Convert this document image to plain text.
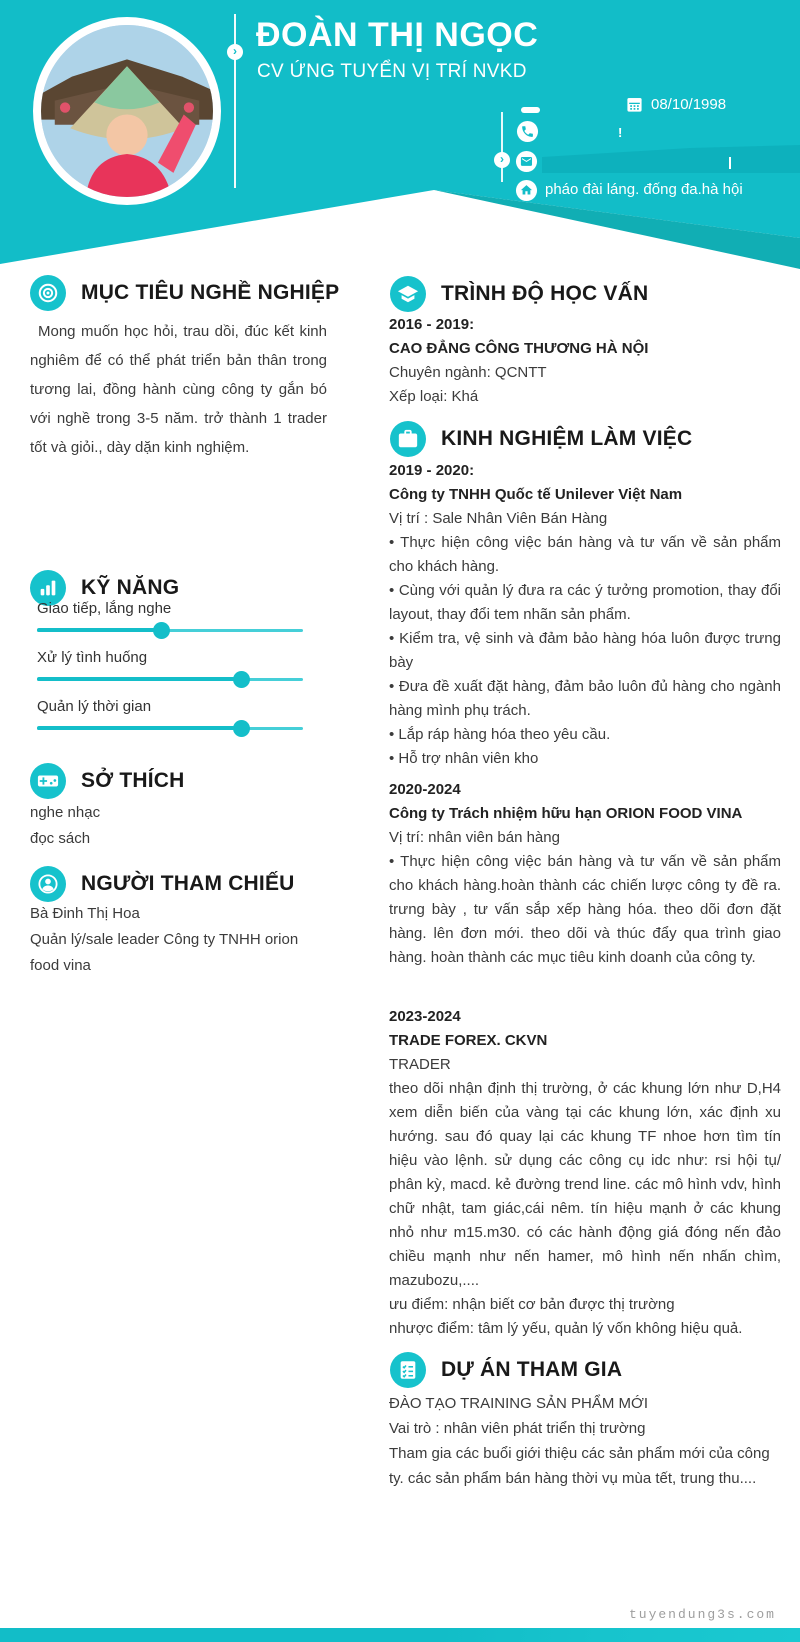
› ĐOÀN THỊ NGỌC
CV ỨNG TUYỂN VỊ TRÍ NVKD
08/10/1998
!
›
pháo đài láng. đống đa.hà hội
MỤC TIÊU NGHỀ NGHIỆP
Mong muốn học hỏi, trau dồi, đúc kết kinh nghiêm để có thể phát triển bản thân trong tương lai, đồng hành cùng công ty gắn bó với nghề trong 3-5 năm. trở thành 1 trader tốt và giỏi., dày dặn kinh nghiệm.
KỸ NĂNG
Giao tiếp, lắng nghe
Xử lý tình huống
Quản lý thời gian
SỞ THÍCH

nghe nhạc

đọc sách

NGƯỜI THAM CHIẾU

Bà Đinh Thị Hoa

Quản lý/sale leader Công ty TNHH orion food vina

TRÌNH ĐỘ HỌC VẤN
2016 - 2019:
CAO ĐẲNG CÔNG THƯƠNG HÀ NỘI
Chuyên ngành: QCNTT
Xếp loại: Khá
KINH NGHIỆM LÀM VIỆC

2019 - 2020:

Công ty TNHH Quốc tế Unilever Việt Nam

Vị trí : Sale Nhân Viên Bán Hàng

• Thực hiện công việc bán hàng và tư vấn về sản phẩm cho khách hàng.

• Cùng với quản lý đưa ra các ý tưởng promotion, thay đổi layout, thay đổi tem nhãn sản phẩm.

• Kiểm tra, vệ sinh và đảm bảo hàng hóa luôn được trưng bày

• Đưa đề xuất đặt hàng, đảm bảo luôn đủ hàng cho ngành hàng mình phụ trách.

• Lắp ráp hàng hóa theo yêu cầu.

• Hỗ trợ nhân viên kho

2020-2024

Công ty Trách nhiệm hữu hạn ORION FOOD VINA

Vị trí: nhân viên bán hàng

• Thực hiện công việc bán hàng và tư vấn về sản phẩm cho khách hàng.hoàn thành các chiến lược công ty đề ra. trưng bày , tư vấn sắp xếp hàng hóa. theo dõi đơn đặt hàng. lên đơn mới. theo dõi và thúc đẩy qua trình giao hàng. hoàn thành các mục tiêu kinh doanh của công ty.

2023-2024

TRADE FOREX. CKVN

TRADER

theo dõi nhận định thị trường, ở các khung lớn như D,H4 xem diễn biến của vàng tại các khung lớn, xác định xu hướng. sau đó quay lại các khung TF nhoe hơn tìm tín hiệu vào lệnh. sử dụng các công cụ idc như: rsi hội tụ/ phân kỳ, macd. kẻ đường trend line. các mô hình vdv, hình chữ nhật, tam giác,cái nêm. tín hiệu mạnh ở các khung nhỏ như m15.m30. có các hành động giá đóng nến đảo chiều mạnh như nến hamer, mô hình nến nhấn chìm, mazubozu,....

ưu điểm: nhận biết cơ bản được thị trường

nhược điểm: tâm lý yếu, quản lý vốn không hiệu quả.

DỰ ÁN THAM GIA

ĐÀO TẠO TRAINING SẢN PHẨM MỚI

Vai trò : nhân viên phát triển thị trường

Tham gia các buổi giới thiệu các sản phẩm mới của công ty. các sản phẩm bán hàng thời vụ mùa tết, trung thu....

tuyendung3s.com
